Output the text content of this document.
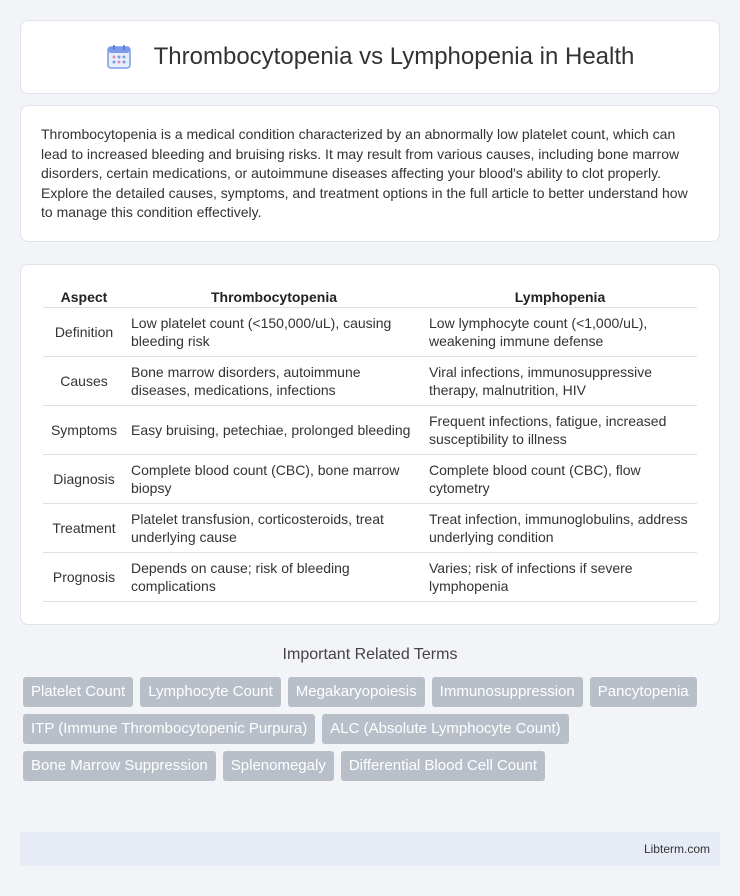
Thrombocytopenia vs Lymphopenia in Health

Thrombocytopenia is a medical condition characterized by an abnormally low platelet count, which can lead to increased bleeding and bruising risks. It may result from various causes, including bone marrow disorders, certain medications, or autoimmune diseases affecting your blood's ability to clot properly. Explore the detailed causes, symptoms, and treatment options in the full article to better understand how to manage this condition effectively.

Aspect	Thrombocytopenia	Lymphopenia
Definition	Low platelet count (<150,000/uL), causing bleeding risk	Low lymphocyte count (<1,000/uL), weakening immune defense
Causes	Bone marrow disorders, autoimmune diseases, medications, infections	Viral infections, immunosuppressive therapy, malnutrition, HIV
Symptoms	Easy bruising, petechiae, prolonged bleeding	Frequent infections, fatigue, increased susceptibility to illness
Diagnosis	Complete blood count (CBC), bone marrow biopsy	Complete blood count (CBC), flow cytometry
Treatment	Platelet transfusion, corticosteroids, treat underlying cause	Treat infection, immunoglobulins, address underlying condition
Prognosis	Depends on cause; risk of bleeding complications	Varies; risk of infections if severe lymphopenia
Important Related Terms
Platelet Count	Lymphocyte Count	Megakaryopoiesis	Immunosuppression	Pancytopenia
ITP (Immune Thrombocytopenic Purpura)	ALC (Absolute Lymphocyte Count)
Bone Marrow Suppression	Splenomegaly	Differential Blood Cell Count
Libterm.com
